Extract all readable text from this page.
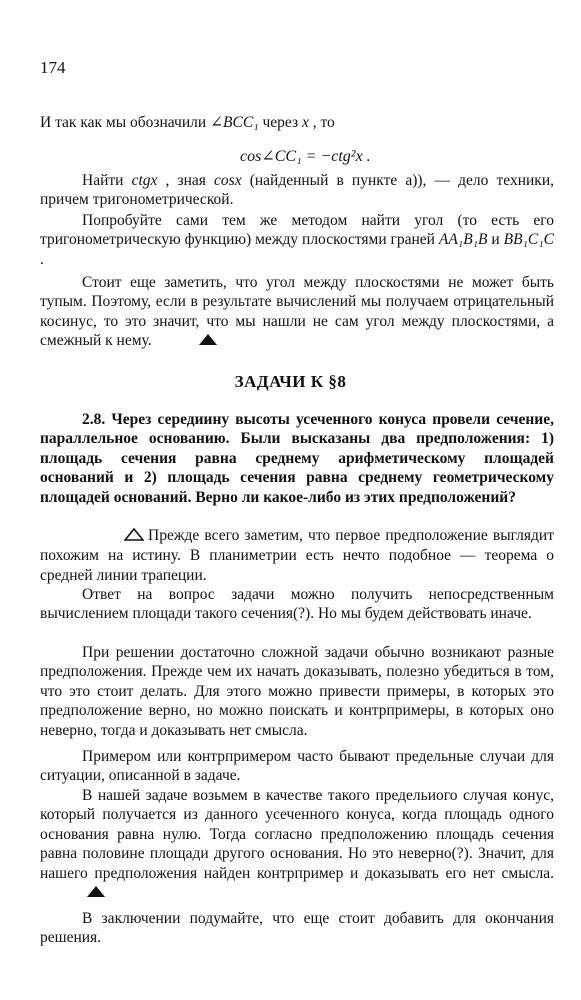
174

И так как мы обозначили ∠BCC₁ через x , то

cos∠CC₁ = −ctg²x .

Найти ctgx , зная cosx (найденный в пункте а)), — дело техники, причем тригонометрической.

Попробуйте сами тем же методом найти угол (то есть его тригонометрическую функцию) между плоскостями граней AA₁B₁B и BB₁C₁C .

Стоит еще заметить, что угол между плоскостями не может быть тупым. Поэтому, если в результате вычислений мы получаем отрицательный косинус, то это значит, что мы нашли не сам угол между плоскостями, а смежный к нему.

ЗАДАЧИ К §8

2.8. Через середиину высоты усеченного конуса провели сечение, параллельное основанию. Были высказаны два предположения: 1) площадь сечения равна среднему арифметическому площадей оснований и 2) площадь сечения равна среднему геометрическому площадей оснований. Верно ли какое-либо из этих предположений?

Прежде всего заметим, что первое предположение выглядит похожим на истину. В планиметрии есть нечто подобное — теорема о средней линии трапеции.

Ответ на вопрос задачи можно получить непосредственным вычислением площади такого сечения(?). Но мы будем действовать иначе.

При решении достаточно сложной задачи обычно возникают разные предположения. Прежде чем их начать доказывать, полезно убедиться в том, что это стоит делать. Для этого можно привести примеры, в которых это предположение верно, но можно поискать и контрпримеры, в которых оно неверно, тогда и доказывать нет смысла.

Примером или контрпримером часто бывают предельные случаи для ситуации, описанной в задаче.

В нашей задаче возьмем в качестве такого предельиого случая конус, который получается из данного усеченного конуса, когда площадь одного основания равна нулю. Тогда согласно предположению площадь сечения равна половине площади другого основания. Но это неверно(?). Значит, для нашего предположения найден контрпример и доказывать его нет смысла.

В заключении подумайте, что еще стоит добавить для окончания решения.
